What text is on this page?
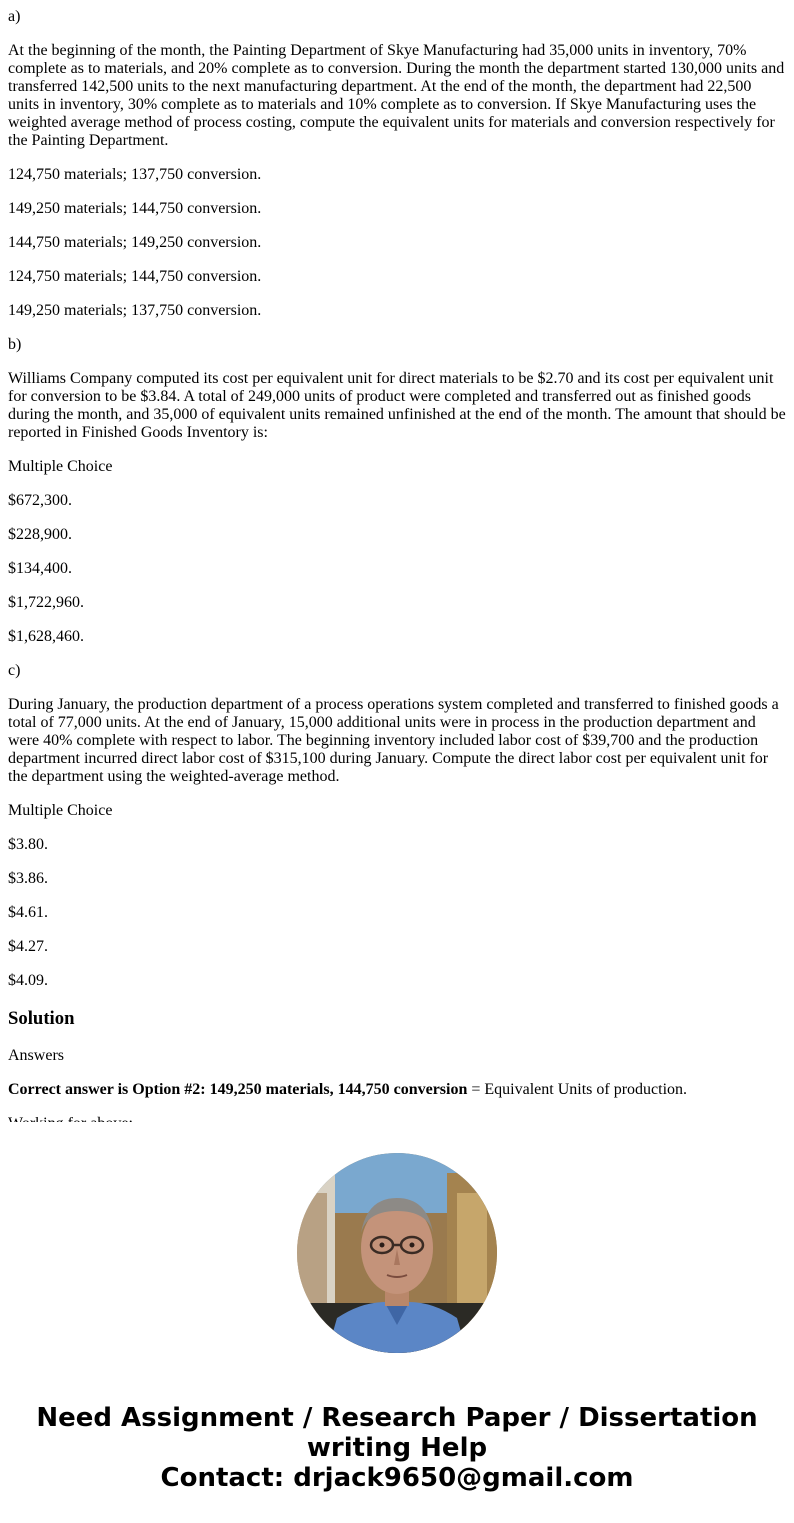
a)

At the beginning of the month, the Painting Department of Skye Manufacturing had 35,000 units in inventory, 70% complete as to materials, and 20% complete as to conversion. During the month the department started 130,000 units and transferred 142,500 units to the next manufacturing department. At the end of the month, the department had 22,500 units in inventory, 30% complete as to materials and 10% complete as to conversion. If Skye Manufacturing uses the weighted average method of process costing, compute the equivalent units for materials and conversion respectively for the Painting Department.

124,750 materials; 137,750 conversion.

149,250 materials; 144,750 conversion.

144,750 materials; 149,250 conversion.

124,750 materials; 144,750 conversion.

149,250 materials; 137,750 conversion.

b)

Williams Company computed its cost per equivalent unit for direct materials to be $2.70 and its cost per equivalent unit for conversion to be $3.84. A total of 249,000 units of product were completed and transferred out as finished goods during the month, and 35,000 of equivalent units remained unfinished at the end of the month. The amount that should be reported in Finished Goods Inventory is:

Multiple Choice

$672,300.

$228,900.

$134,400.

$1,722,960.

$1,628,460.

c)

During January, the production department of a process operations system completed and transferred to finished goods a total of 77,000 units. At the end of January, 15,000 additional units were in process in the production department and were 40% complete with respect to labor. The beginning inventory included labor cost of $39,700 and the production department incurred direct labor cost of $315,100 during January. Compute the direct labor cost per equivalent unit for the department using the weighted-average method.

Multiple Choice

$3.80.

$3.86.

$4.61.

$4.27.

$4.09.

Solution

Answers

Correct answer is Option #2: 149,250 materials, 144,750 conversion = Equivalent Units of production.

Need Assignment / Research Paper / Dissertation
writing Help
Contact: drjack9650@gmail.com
